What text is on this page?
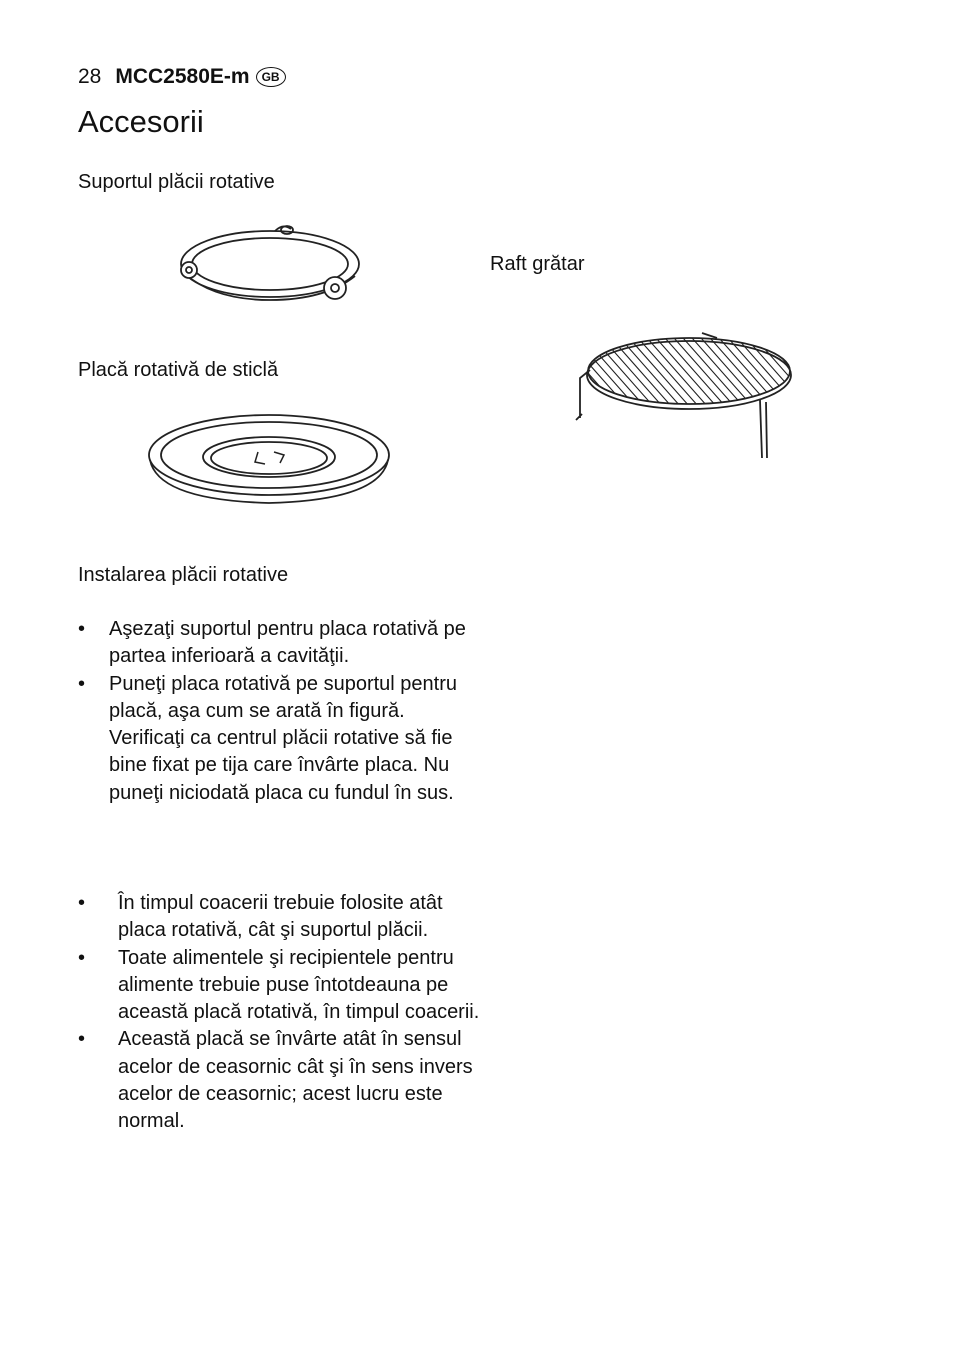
28 MCC2580E-m GB
Accesorii
Suportul plăcii rotative
Placă rotativă de sticlă
Raft grătar
Instalarea plăcii rotative
• Aşezaţi suportul pentru placa rotativă pe partea inferioară a cavităţii.
• Puneţi placa rotativă pe suportul pentru placă, aşa cum se arată în figură. Verificaţi ca centrul plăcii rotative să fie bine fixat pe tija care învârte placa. Nu puneţi niciodată placa cu fundul în sus.
• În timpul coacerii trebuie folosite atât placa rotativă, cât şi suportul plăcii.
• Toate alimentele şi recipientele pentru alimente trebuie puse întotdeauna pe această placă rotativă, în timpul coacerii.
• Această placă se învârte atât în sensul acelor de ceasornic cât şi în sens invers acelor de ceasornic; acest lucru este normal.
